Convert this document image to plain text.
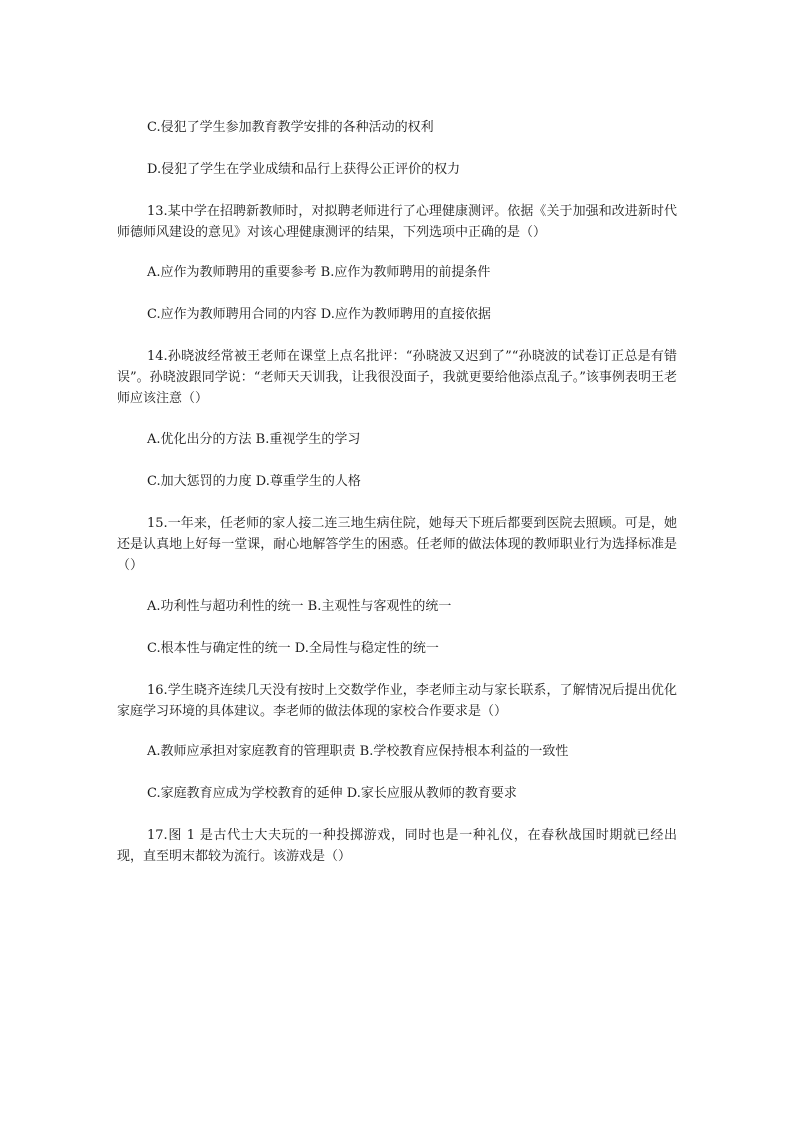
C.侵犯了学生参加教育教学安排的各种活动的权利
D.侵犯了学生在学业成绩和品行上获得公正评价的权力
13.某中学在招聘新教师时，对拟聘老师进行了心理健康测评。依据《关于加强和改进新时代师德师风建设的意见》对该心理健康测评的结果，下列选项中正确的是（）
A.应作为教师聘用的重要参考 B.应作为教师聘用的前提条件
C.应作为教师聘用合同的内容 D.应作为教师聘用的直接依据
14.孙晓波经常被王老师在课堂上点名批评：“孙晓波又迟到了”“孙晓波的试卷订正总是有错误”。孙晓波跟同学说：“老师天天训我，让我很没面子，我就更要给他添点乱子。”该事例表明王老师应该注意（）
A.优化出分的方法 B.重视学生的学习
C.加大惩罚的力度 D.尊重学生的人格
15.一年来，任老师的家人接二连三地生病住院，她每天下班后都要到医院去照顾。可是，她还是认真地上好每一堂课，耐心地解答学生的困惑。任老师的做法体现的教师职业行为选择标准是（）
A.功利性与超功利性的统一 B.主观性与客观性的统一
C.根本性与确定性的统一 D.全局性与稳定性的统一
16.学生晓齐连续几天没有按时上交数学作业，李老师主动与家长联系，了解情况后提出优化家庭学习环境的具体建议。李老师的做法体现的家校合作要求是（）
A.教师应承担对家庭教育的管理职责 B.学校教育应保持根本利益的一致性
C.家庭教育应成为学校教育的延伸 D.家长应服从教师的教育要求
17.图 1 是古代士大夫玩的一种投掷游戏，同时也是一种礼仪，在春秋战国时期就已经出现，直至明末都较为流行。该游戏是（）
